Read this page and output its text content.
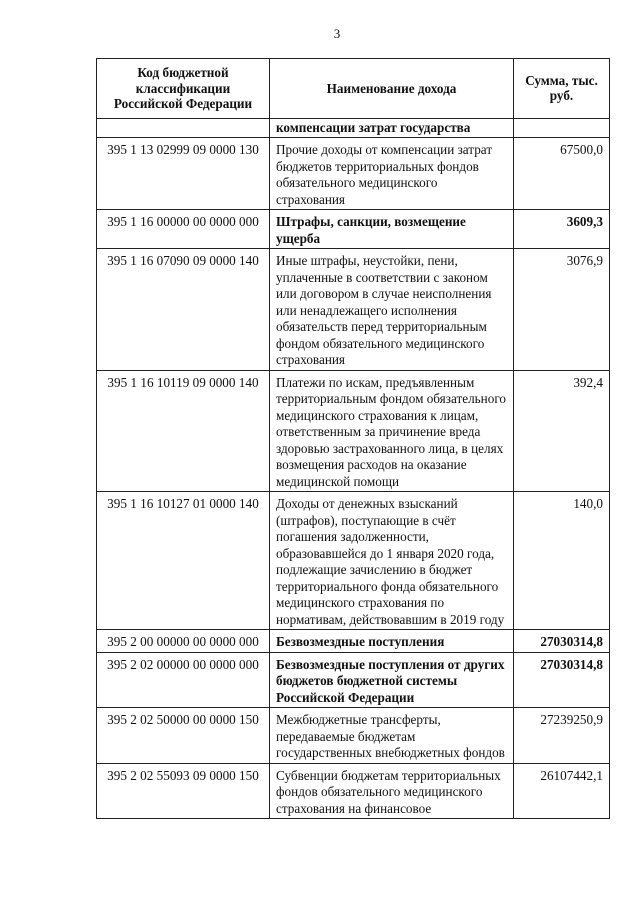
3
Код бюджетной классификации Российской Федерации	Наименование дохода	Сумма, тыс. руб.
	компенсации затрат государства	
395 1 13 02999 09 0000 130	Прочие доходы от компенсации затрат бюджетов территориальных фондов обязательного медицинского страхования	67500,0
395 1 16 00000 00 0000 000	Штрафы, санкции, возмещение ущерба	3609,3
395 1 16 07090 09 0000 140	Иные штрафы, неустойки, пени, уплаченные в соответствии с законом или договором в случае неисполнения или ненадлежащего исполнения обязательств перед территориальным фондом обязательного медицинского страхования	3076,9
395 1 16 10119 09 0000 140	Платежи по искам, предъявленным территориальным фондом обязательного медицинского страхования к лицам, ответственным за причинение вреда здоровью застрахованного лица, в целях возмещения расходов на оказание медицинской помощи	392,4
395 1 16 10127 01 0000 140	Доходы от денежных взысканий (штрафов), поступающие в счёт погашения задолженности, образовавшейся до 1 января 2020 года, подлежащие зачислению в бюджет территориального фонда обязательного медицинского страхования по нормативам, действовавшим в 2019 году	140,0
395 2 00 00000 00 0000 000	Безвозмездные поступления	27030314,8
395 2 02 00000 00 0000 000	Безвозмездные поступления от других бюджетов бюджетной системы Российской Федерации	27030314,8
395 2 02 50000 00 0000 150	Межбюджетные трансферты, передаваемые бюджетам государственных внебюджетных фондов	27239250,9
395 2 02 55093 09 0000 150	Субвенции бюджетам территориальных фондов обязательного медицинского страхования на финансовое	26107442,1
